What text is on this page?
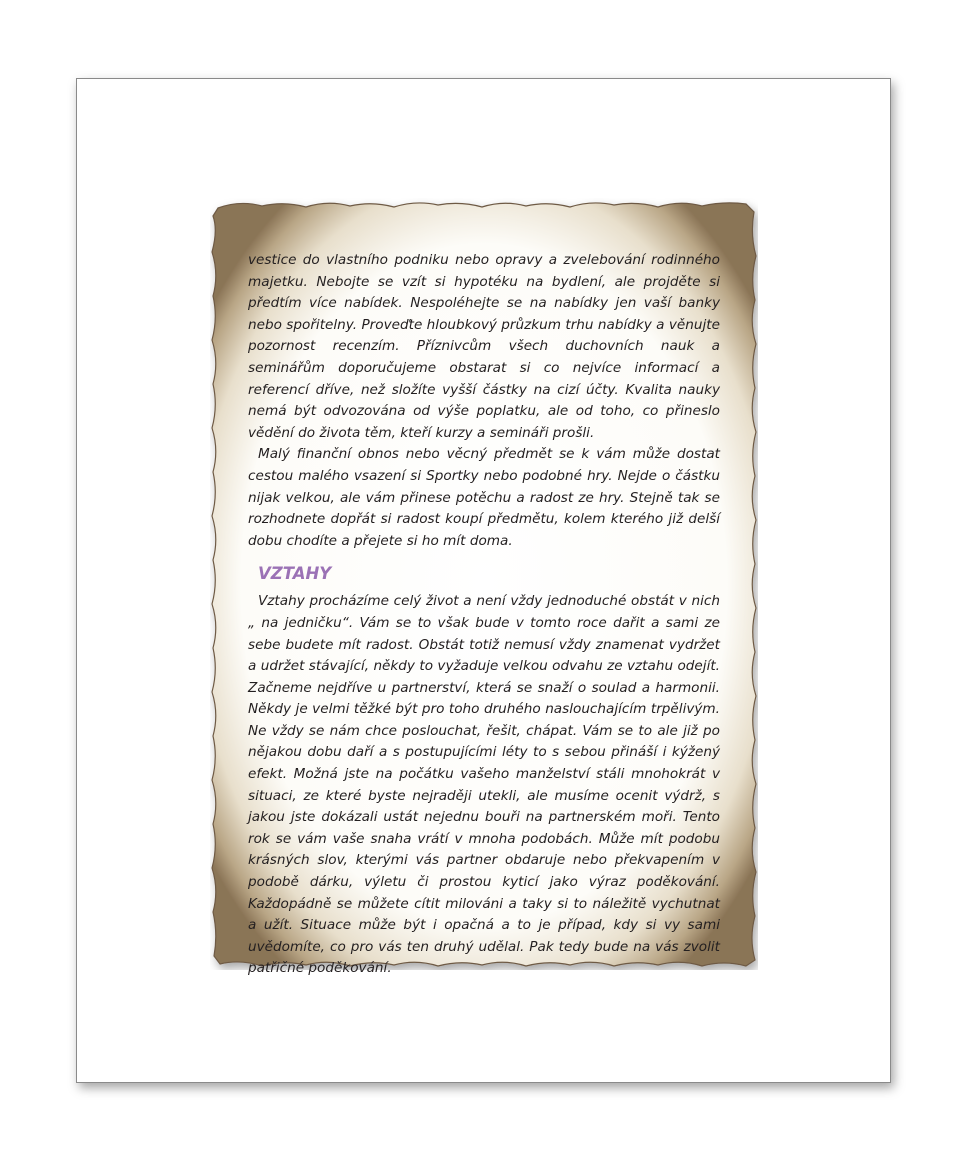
vestice do vlastního podniku nebo opravy a zvelebování rodinného majetku. Nebojte se vzít si hypotéku na bydlení, ale projděte si předtím více nabídek. Nespoléhejte se na nabídky jen vaší banky nebo spořitelny. Proveďte hloubkový průzkum trhu nabídky a věnujte pozornost recenzím. Příznivcům všech duchovních nauk a seminářům doporučujeme obstarat si co nejvíce informací a referencí dříve, než složíte vyšší částky na cizí účty. Kvalita nauky nemá být odvozována od výše poplatku, ale od toho, co přineslo vědění do života těm, kteří kurzy a semináři prošli.

Malý finanční obnos nebo věcný předmět se k vám může dostat cestou malého vsazení si Sportky nebo podobné hry. Nejde o částku nijak velkou, ale vám přinese potěchu a radost ze hry. Stejně tak se rozhodnete dopřát si radost koupí předmětu, kolem kterého již delší dobu chodíte a přejete si ho mít doma.

VZTAHY

Vztahy procházíme celý život a není vždy jednoduché obstát v nich „ na jedničku“. Vám se to však bude v tomto roce dařit a sami ze sebe budete mít radost. Obstát totiž nemusí vždy znamenat vydržet a udržet stávající, někdy to vyžaduje velkou odvahu ze vztahu odejít. Začneme nejdříve u partnerství, která se snaží o soulad a harmonii. Někdy je velmi těžké být pro toho druhého naslouchajícím trpělivým. Ne vždy se nám chce poslouchat, řešit, chápat. Vám se to ale již po nějakou dobu daří a s postupujícími léty to s sebou přináší i kýžený efekt. Možná jste na počátku vašeho manželství stáli mnohokrát v situaci, ze které byste nejraději utekli, ale musíme ocenit výdrž, s jakou jste dokázali ustát nejednu bouři na partnerském moři. Tento rok se vám vaše snaha vrátí v mnoha podobách. Může mít podobu krásných slov, kterými vás partner obdaruje nebo překvapením v podobě dárku, výletu či prostou kyticí jako výraz poděkování. Každopádně se můžete cítit milováni a taky si to náležitě vychutnat a užít. Situace může být i opačná a to je případ, kdy si vy sami uvědomíte, co pro vás ten druhý udělal. Pak tedy bude na vás zvolit patřičné poděkování.
